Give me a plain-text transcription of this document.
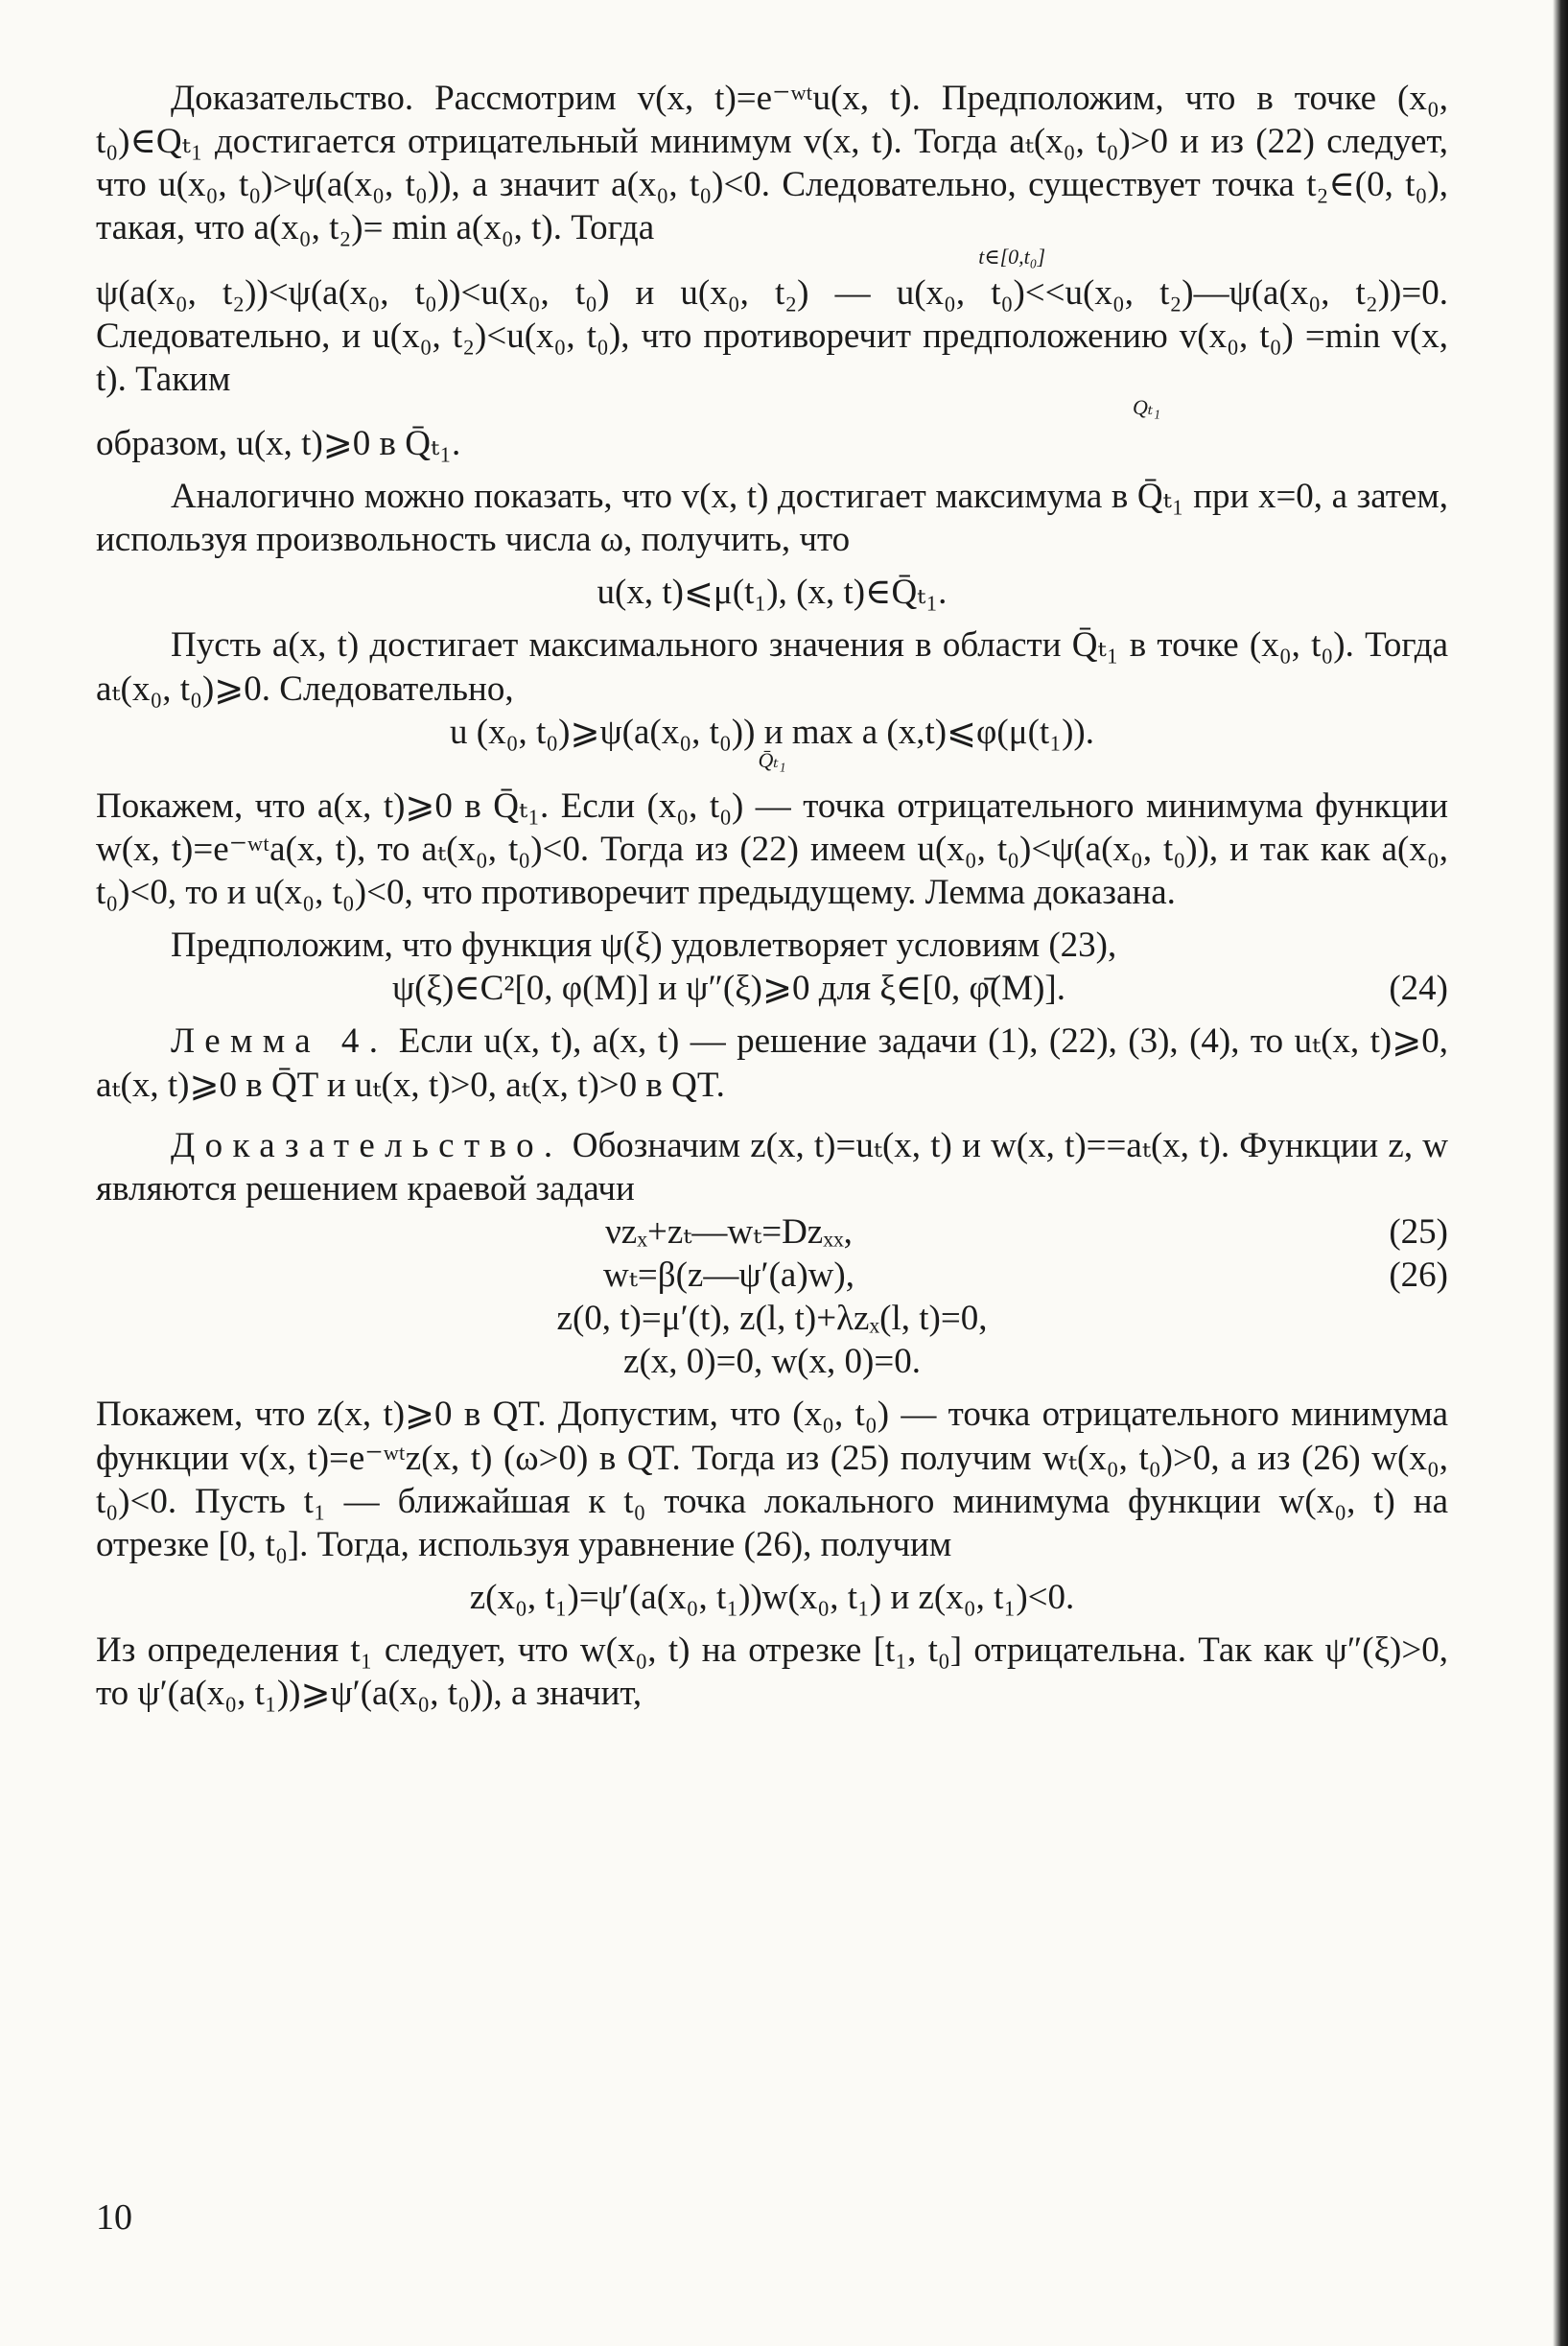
Доказательство. Рассмотрим v(x, t)=e⁻ʷᵗu(x, t). Предположим, что в точке (x₀, t₀)∈Qₜ₁ достигается отрицательный минимум v(x, t). Тогда aₜ(x₀, t₀)>0 и из (22) следует, что u(x₀, t₀)>ψ(a(x₀, t₀)), а значит a(x₀, t₀)<0. Следовательно, существует точка t₂∈(0, t₀), такая, что a(x₀, t₂)= min a(x₀, t). Тогда

t∈[0,t₀]

ψ(a(x₀, t₂))<ψ(a(x₀, t₀))<u(x₀, t₀) и u(x₀, t₂) — u(x₀, t₀)<<u(x₀, t₂)—ψ(a(x₀, t₂))=0. Следовательно, и u(x₀, t₂)<u(x₀, t₀), что противоречит предположению v(x₀, t₀) =min v(x, t). Таким

Qₜ₁

образом, u(x, t)⩾0 в Q̄ₜ₁.

Аналогично можно показать, что v(x, t) достигает максимума в Q̄ₜ₁ при x=0, а затем, используя произвольность числа ω, получить, что

u(x, t)⩽μ(t₁), (x, t)∈Q̄ₜ₁.

Пусть a(x, t) достигает максимального значения в области Q̄ₜ₁ в точке (x₀, t₀). Тогда aₜ(x₀, t₀)⩾0. Следовательно,

u (x₀, t₀)⩾ψ(a(x₀, t₀)) и max a (x,t)⩽φ(μ(t₁)).

Q̄ₜ₁

Покажем, что a(x, t)⩾0 в Q̄ₜ₁. Если (x₀, t₀) — точка отрицательного минимума функции w(x, t)=e⁻ʷᵗa(x, t), то aₜ(x₀, t₀)<0. Тогда из (22) имеем u(x₀, t₀)<ψ(a(x₀, t₀)), и так как a(x₀, t₀)<0, то и u(x₀, t₀)<0, что противоречит предыдущему. Лемма доказана.

Предположим, что функция ψ(ξ) удовлетворяет условиям (23),

ψ(ξ)∈C²[0, φ(M)] и ψ″(ξ)⩾0 для ξ∈[0, φ̄(M)].	(24)

Лемма 4. Если u(x, t), a(x, t) — решение задачи (1), (22), (3), (4), то uₜ(x, t)⩾0, aₜ(x, t)⩾0 в Q̄T и uₜ(x, t)>0, aₜ(x, t)>0 в QT.

Доказательство. Обозначим z(x, t)=uₜ(x, t) и w(x, t)==aₜ(x, t). Функции z, w являются решением краевой задачи

νzₓ+zₜ—wₜ=Dzₓₓ,	(25)
wₜ=β(z—ψ′(a)w),	(26)

z(0, t)=μ′(t), z(l, t)+λzₓ(l, t)=0,

z(x, 0)=0, w(x, 0)=0.

Покажем, что z(x, t)⩾0 в QT. Допустим, что (x₀, t₀) — точка отрицательного минимума функции v(x, t)=e⁻ʷᵗz(x, t) (ω>0) в QT. Тогда из (25) получим wₜ(x₀, t₀)>0, а из (26) w(x₀, t₀)<0. Пусть t₁ — ближайшая к t₀ точка локального минимума функции w(x₀, t) на отрезке [0, t₀]. Тогда, используя уравнение (26), получим

z(x₀, t₁)=ψ′(a(x₀, t₁))w(x₀, t₁) и z(x₀, t₁)<0.

Из определения t₁ следует, что w(x₀, t) на отрезке [t₁, t₀] отрицательна. Так как ψ″(ξ)>0, то ψ′(a(x₀, t₁))⩾ψ′(a(x₀, t₀)), а значит,

10
